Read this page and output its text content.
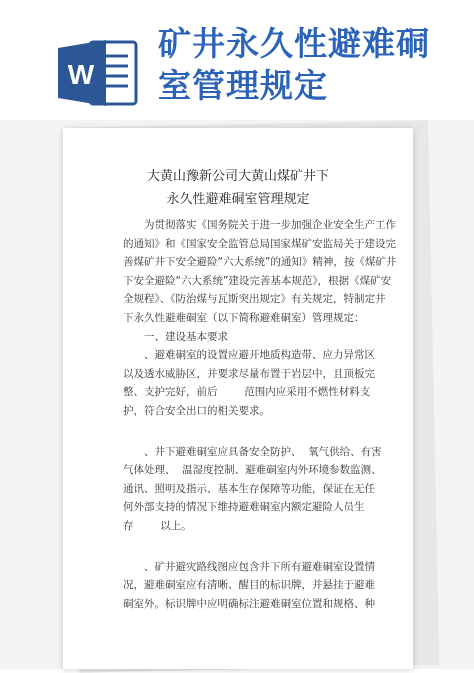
W
矿井永久性避难硐
室管理规定
大黄山豫新公司大黄山煤矿井下
永久性避难硐室管理规定
为贯彻落实《国务院关于进一步加强企业安全生产工作
的通知》和《国家安全监管总局国家煤矿安监局关于建设完
善煤矿井下安全避险“六大系统”的通知》精神，按《煤矿井
下安全避险“六大系统”建设完善基本规范》，根据《煤矿安
全规程》、《防治煤与瓦斯突出规定》有关规定，特制定井
下永久性避难硐室（以下简称避难硐室）管理规定：
一、建设基本要求
、避难硐室的设置应避开地质构造带、应力异常区
以及透水威胁区，并要求尽量布置于岩层中，且顶板完
整、支护完好，前后        范围内应采用不燃性材料支
护，符合安全出口的相关要求。
、井下避难硐室应具备安全防护、  氧气供给、有害
气体处理、  温湿度控制、避难硐室内外环境参数监测、
通讯、照明及指示、基本生存保障等功能，保证在无任
何外部支持的情况下维持避难硐室内额定避险人员生
存        以上。
、矿井避灾路线图应包含井下所有避难硐室设置情
况，避难硐室应有清晰、醒目的标识牌，并悬挂于避难
硐室外。标识牌中应明确标注避难硐室位置和规格、种
